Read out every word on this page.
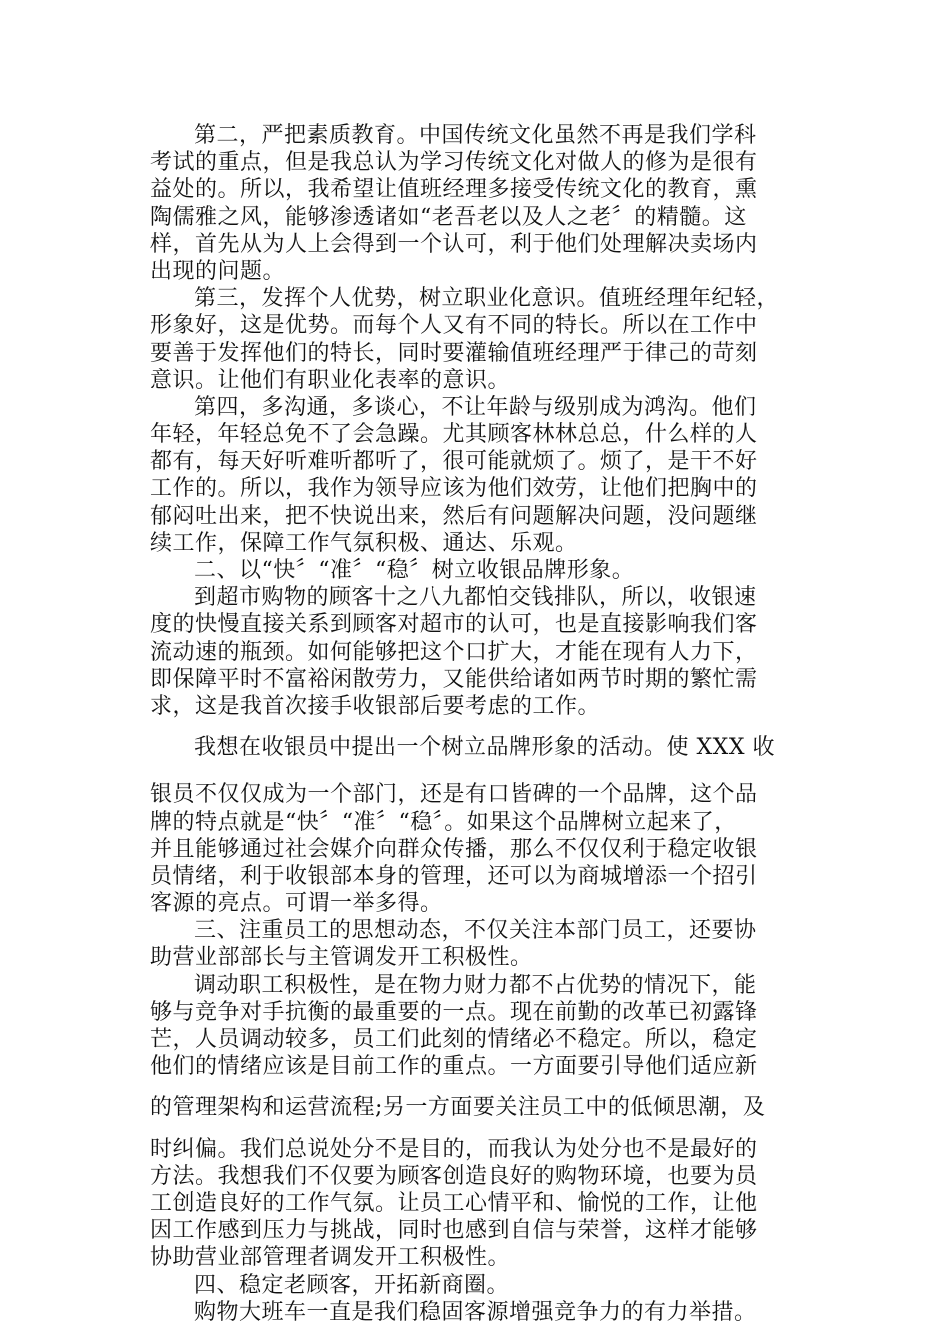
第二，严把素质教育。中国传统文化虽然不再是我们学科
考试的重点，但是我总认为学习传统文化对做人的修为是很有
益处的。所以，我希望让值班经理多接受传统文化的教育，熏
陶儒雅之风，能够渗透诸如“老吾老以及人之老〞的精髓。这
样，首先从为人上会得到一个认可，利于他们处理解决卖场内
出现的问题。
第三，发挥个人优势，树立职业化意识。值班经理年纪轻，
形象好，这是优势。而每个人又有不同的特长。所以在工作中
要善于发挥他们的特长，同时要灌输值班经理严于律己的苛刻
意识。让他们有职业化表率的意识。
第四，多沟通，多谈心，不让年龄与级别成为鸿沟。他们
年轻，年轻总免不了会急躁。尤其顾客林林总总，什么样的人
都有，每天好听难听都听了，很可能就烦了。烦了，是干不好
工作的。所以，我作为领导应该为他们效劳，让他们把胸中的
郁闷吐出来，把不快说出来，然后有问题解决问题，没问题继
续工作，保障工作气氛积极、通达、乐观。
二、以“快〞“准〞“稳〞树立收银品牌形象。
到超市购物的顾客十之八九都怕交钱排队，所以，收银速
度的快慢直接关系到顾客对超市的认可，也是直接影响我们客
流动速的瓶颈。如何能够把这个口扩大，才能在现有人力下，
即保障平时不富裕闲散劳力，又能供给诸如两节时期的繁忙需
求，这是我首次接手收银部后要考虑的工作。
我想在收银员中提出一个树立品牌形象的活动。使 XXX 收
银员不仅仅成为一个部门，还是有口皆碑的一个品牌，这个品
牌的特点就是“快〞“准〞“稳〞。如果这个品牌树立起来了，
并且能够通过社会媒介向群众传播，那么不仅仅利于稳定收银
员情绪，利于收银部本身的管理，还可以为商城增添一个招引
客源的亮点。可谓一举多得。
三、注重员工的思想动态，不仅关注本部门员工，还要协
助营业部部长与主管调发开工积极性。
调动职工积极性，是在物力财力都不占优势的情况下，能
够与竞争对手抗衡的最重要的一点。现在前勤的改革已初露锋
芒，人员调动较多，员工们此刻的情绪必不稳定。所以，稳定
他们的情绪应该是目前工作的重点。一方面要引导他们适应新
的管理架构和运营流程;另一方面要关注员工中的低倾思潮，及
时纠偏。我们总说处分不是目的，而我认为处分也不是最好的
方法。我想我们不仅要为顾客创造良好的购物环境，也要为员
工创造良好的工作气氛。让员工心情平和、愉悦的工作，让他
因工作感到压力与挑战，同时也感到自信与荣誉，这样才能够
协助营业部管理者调发开工积极性。
四、稳定老顾客，开拓新商圈。
购物大班车一直是我们稳固客源增强竞争力的有力举措。
